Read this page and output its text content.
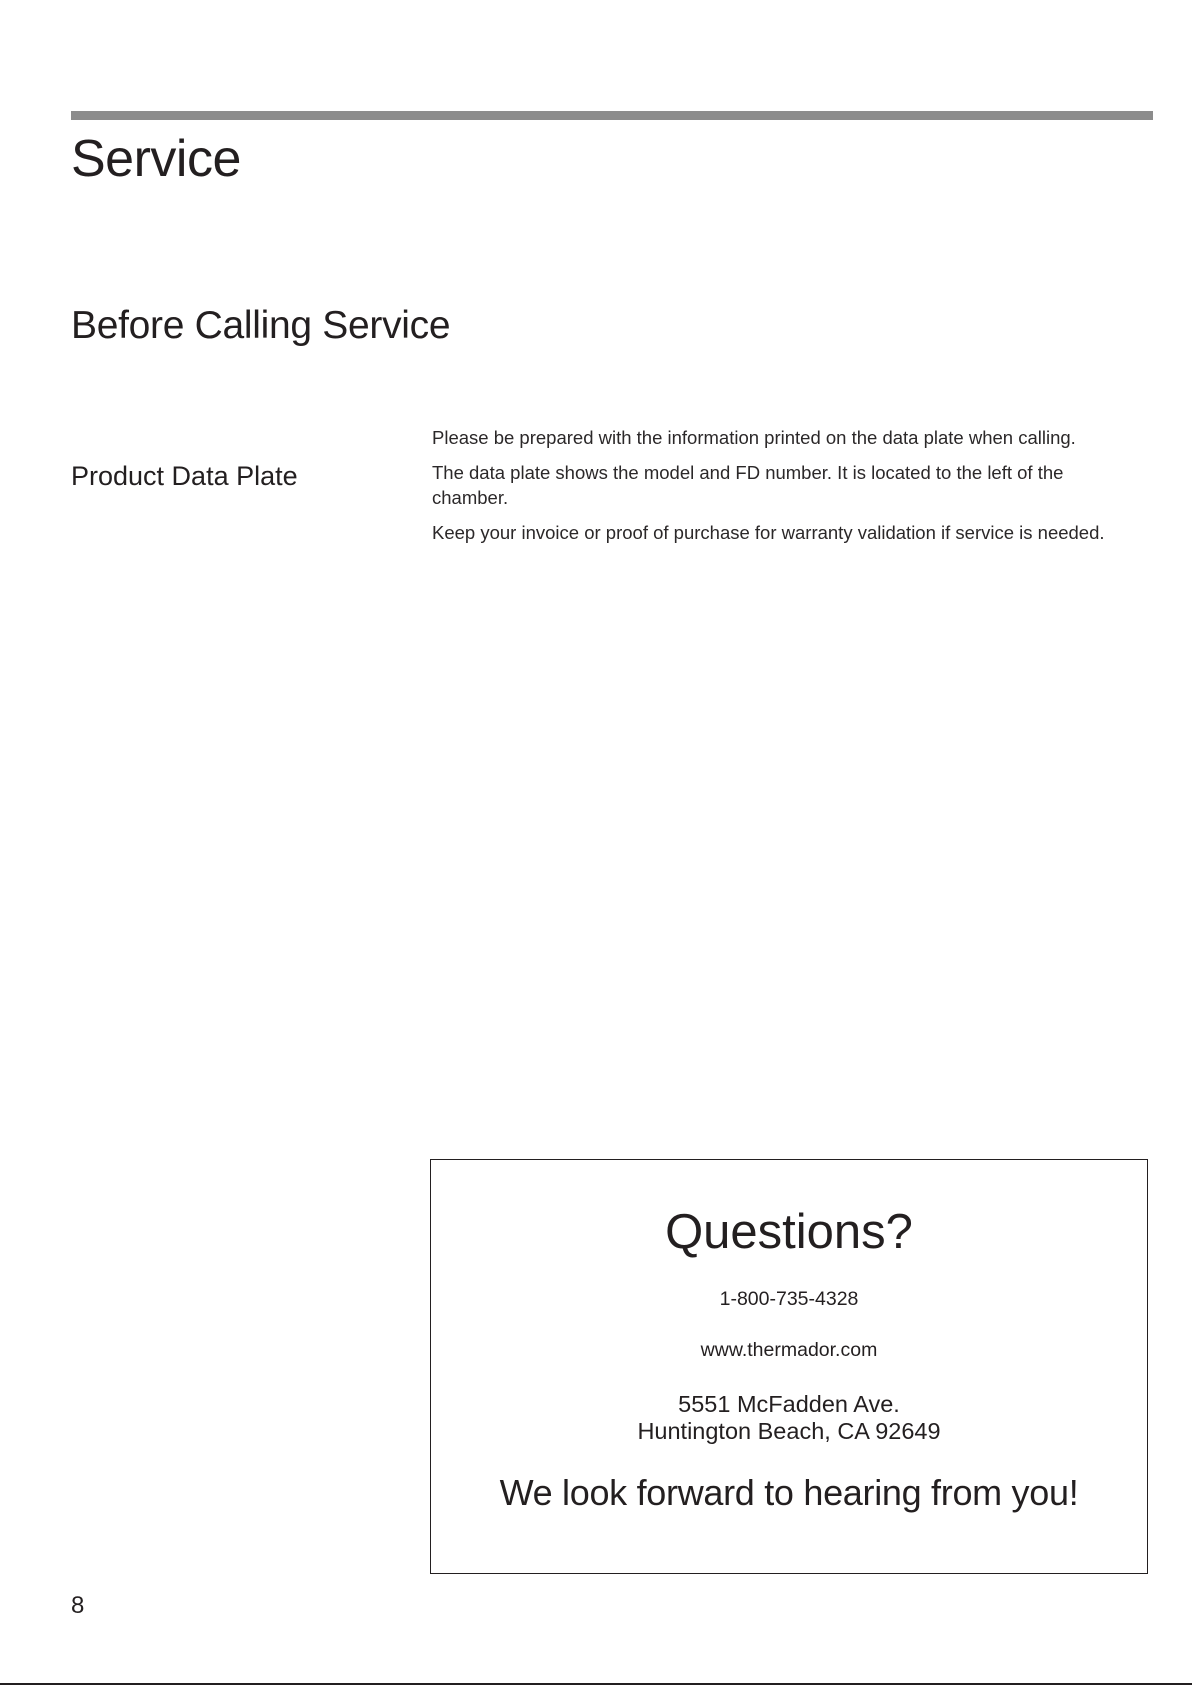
Service
Before Calling Service
Product Data Plate

Please be prepared with the information printed on the data plate when calling.

The data plate shows the model and FD number. It is located to the left of the chamber.

Keep your invoice or proof of purchase for warranty validation if service is needed.

Questions?

1-800-735-4328

www.thermador.com

5551 McFadden Ave.
Huntington Beach, CA 92649

We look forward to hearing from you!

8
